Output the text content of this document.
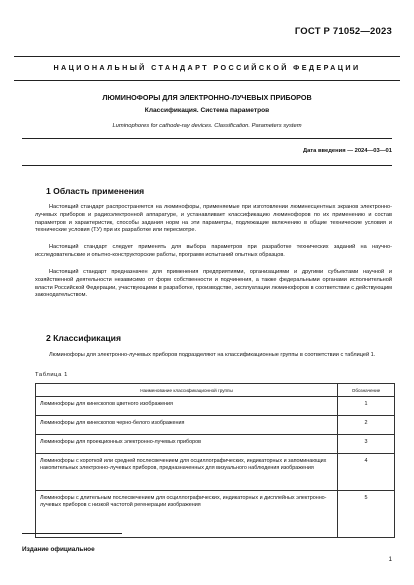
ГОСТ Р 71052—2023
НАЦИОНАЛЬНЫЙ СТАНДАРТ РОССИЙСКОЙ ФЕДЕРАЦИИ
ЛЮМИНОФОРЫ ДЛЯ ЭЛЕКТРОННО-ЛУЧЕВЫХ ПРИБОРОВ
Классификация. Система параметров
Luminophores for cathode-ray devices. Classification. Parameters system
Дата введения — 2024—03—01
1 Область применения
Настоящий стандарт распространяется на люминофоры, применяемые при изготовлении люминесцентных экранов электронно-лучевых приборов и радиоэлектронной аппаратуре, и устанавливает классификацию люминофоров по их применению и состав параметров и характеристик, способы задания норм на эти параметры, подлежащие включению в общие технические условия и технические условия (ТУ) при их разработке или пересмотре.
Настоящий стандарт следует применять для выбора параметров при разработке технических заданий на научно-исследовательские и опытно-конструкторские работы, программ испытаний опытных образцов.
Настоящий стандарт предназначен для применения предприятиями, организациями и другими субъектами научной и хозяйственной деятельности независимо от форм собственности и подчинения, а также федеральными органами исполнительной власти Российской Федерации, участвующими в разработке, производстве, эксплуатации люминофоров в соответствии с действующим законодательством.
2 Классификация
Люминофоры для электронно-лучевых приборов подразделяют на классификационные группы в соответствии с таблицей 1.
Таблица 1
Наименование классификационной группы	Обозначение
Люминофоры для кинескопов цветного изображения	1
Люминофоры для кинескопов черно-белого изображения	2
Люминофоры для проекционных электронно-лучевых приборов	3
Люминофоры с короткой или средней послесвечением для осциллографических, индикаторных и запоминающих накопительных электронно-лучевых приборов, предназначенных для визуального наблюдения изображения	4
Люминофоры с длительным послесвечением для осциллографических, индикаторных и дисплейных электронно-лучевых приборов с низкой частотой регенерации изображения	5
Издание официальное
1
